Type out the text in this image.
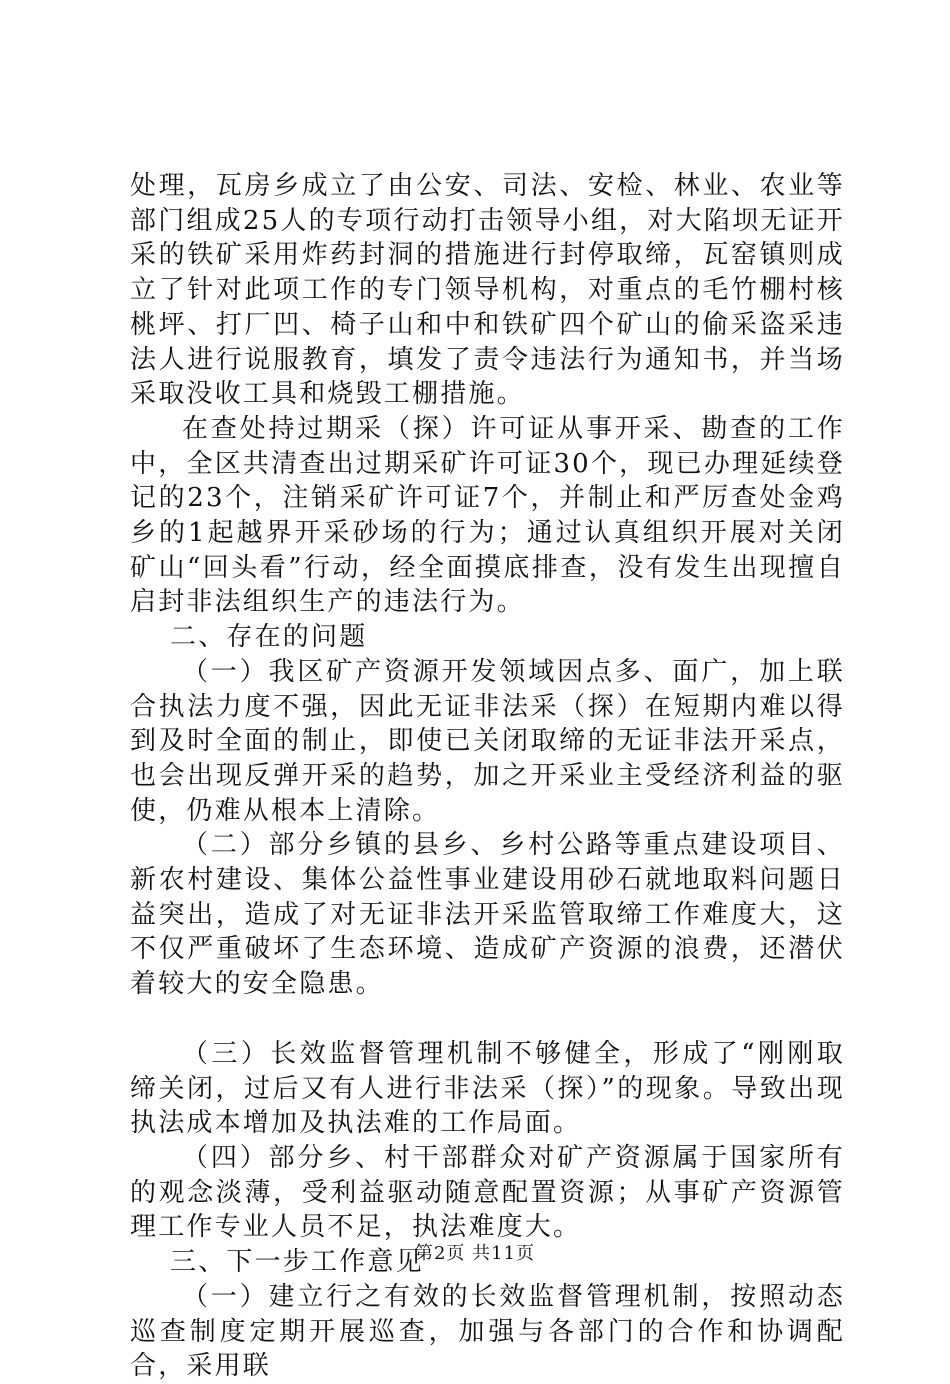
处理，瓦房乡成立了由公安、司法、安检、林业、农业等部门组成25人的专项行动打击领导小组，对大陷坝无证开采的铁矿采用炸药封洞的措施进行封停取缔，瓦窑镇则成立了针对此项工作的专门领导机构，对重点的毛竹棚村核桃坪、打厂凹、椅子山和中和铁矿四个矿山的偷采盗采违法人进行说服教育，填发了责令违法行为通知书，并当场采取没收工具和烧毁工棚措施。

在查处持过期采（探）许可证从事开采、勘查的工作中，全区共清查出过期采矿许可证30个，现已办理延续登记的23个，注销采矿许可证7个，并制止和严厉查处金鸡乡的1起越界开采砂场的行为；通过认真组织开展对关闭矿山“回头看”行动，经全面摸底排查，没有发生出现擅自启封非法组织生产的违法行为。

二、存在的问题

（一）我区矿产资源开发领域因点多、面广，加上联合执法力度不强，因此无证非法采（探）在短期内难以得到及时全面的制止，即使已关闭取缔的无证非法开采点，也会出现反弹开采的趋势，加之开采业主受经济利益的驱使，仍难从根本上清除。

（二）部分乡镇的县乡、乡村公路等重点建设项目、新农村建设、集体公益性事业建设用砂石就地取料问题日益突出，造成了对无证非法开采监管取缔工作难度大，这不仅严重破坏了生态环境、造成矿产资源的浪费，还潜伏着较大的安全隐患。

（三）长效监督管理机制不够健全，形成了“刚刚取缔关闭，过后又有人进行非法采（探）”的现象。导致出现执法成本增加及执法难的工作局面。

（四）部分乡、村干部群众对矿产资源属于国家所有的观念淡薄，受利益驱动随意配置资源；从事矿产资源管理工作专业人员不足，执法难度大。

三、下一步工作意见

（一）建立行之有效的长效监督管理机制，按照动态巡查制度定期开展巡查，加强与各部门的合作和协调配合，采用联

第2页 共11页
